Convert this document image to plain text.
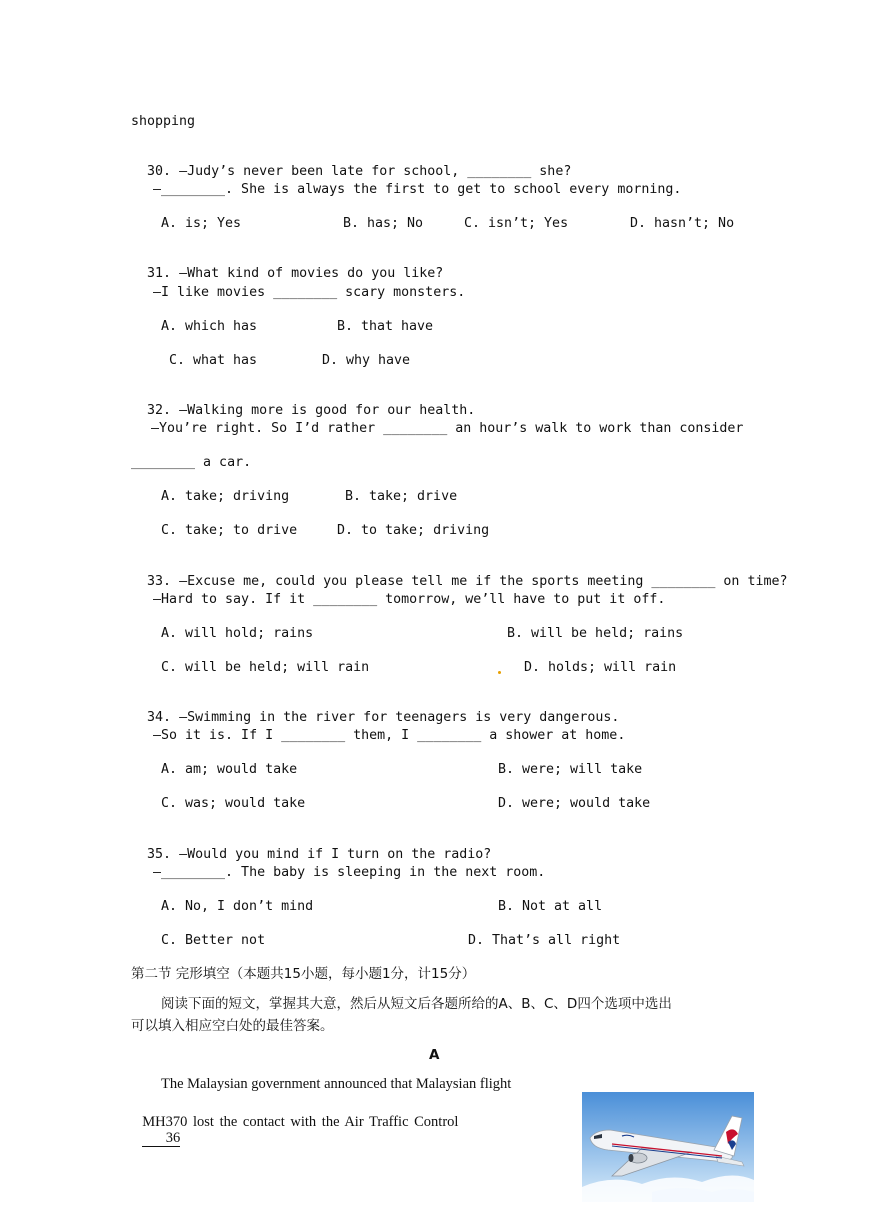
shopping

30. —Judy’s never been late for school, ________ she?

—________. She is always the first to get to school every morning.
A. is; Yes	B. has; No	C. isn’t; Yes	D. hasn’t; No

31. —What kind of movies do you like?

—I like movies ________ scary monsters.
A. which has	B. that have
C. what has	D. why have

32. —Walking more is good for our health.

—You’re right. So I’d rather ________ an hour’s walk to work than consider
________ a car.
A. take; driving	B. take; drive
C. take; to drive	D. to take; driving

33. —Excuse me, could you please tell me if the sports meeting ________ on time?

—Hard to say. If it ________ tomorrow, we’ll have to put it off.
A. will hold; rains	B. will be held; rains
C. will be held; will rain	D. holds; will rain

34. —Swimming in the river for teenagers is very dangerous.

—So it is. If I ________ them, I ________ a shower at home.
A. am; would take	B. were; will take
C. was; would take	D. were; would take

35. —Would you mind if I turn on the radio?

—________. The baby is sleeping in the next room.
A. No, I don’t mind	B. Not at all
C. Better not	D. That’s all right
第二节 完形填空（本题共15小题，每小题1分，计15分）
阅读下面的短文，掌握其大意，然后从短文后各题所给的A、B、C、D四个选项中选出
可以填入相应空白处的最佳答案。
A
The Malaysian government announced that Malaysian flight

MH370 lost the contact with the Air Traffic Control
36
